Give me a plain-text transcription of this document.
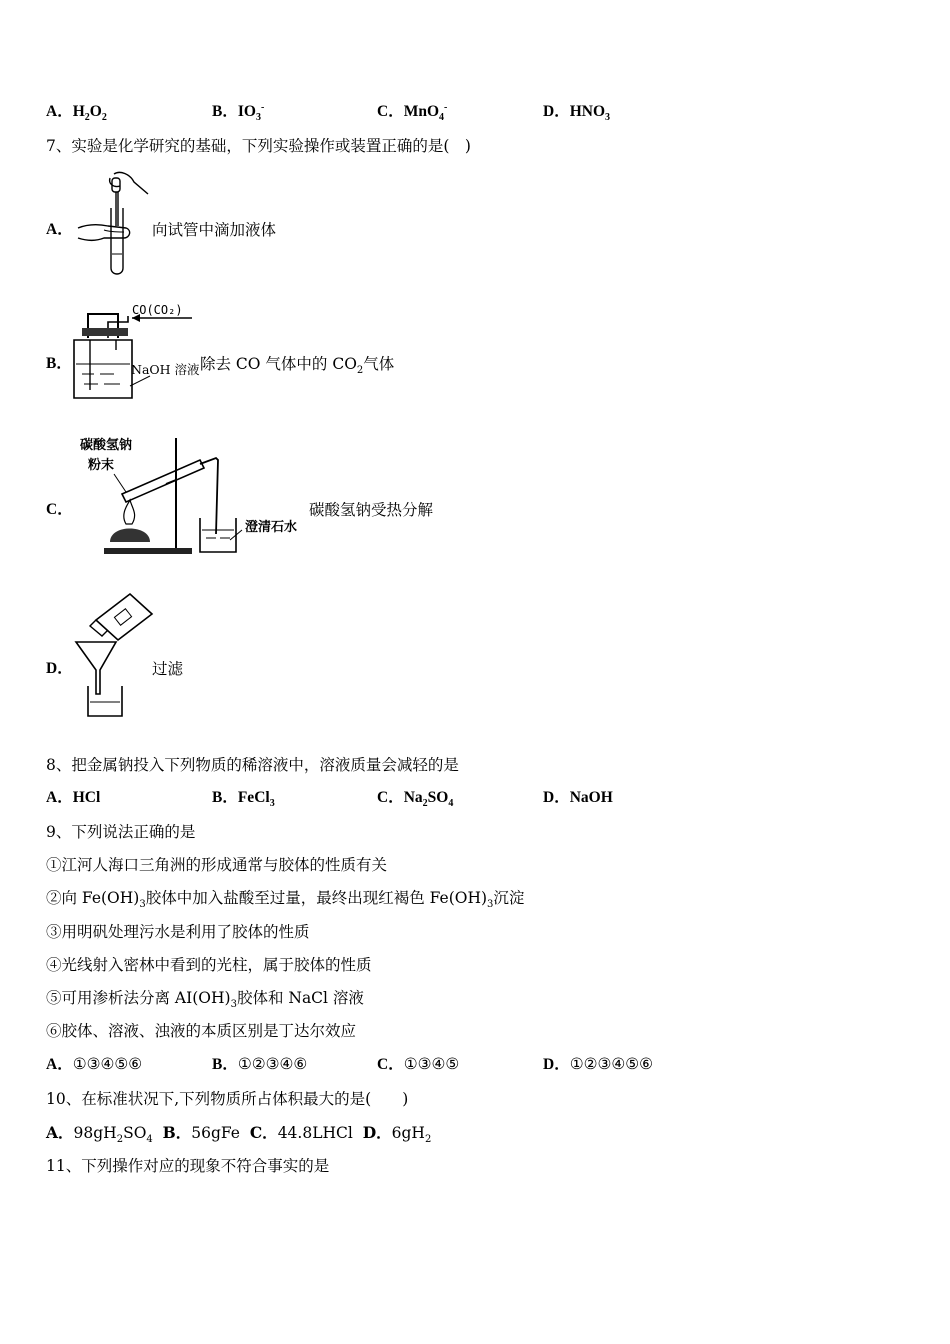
A．$H_2O_2$	B．$IO_3^-$	C．MnO$_4$-	D．$HNO_3$
7、实验是化学研究的基础，下列实验操作或装置正确的是(　)
A．	向试管中滴加液体
B．
CO(CO₂)
NaOH 溶液 除去 CO 气体中的 $CO_2$气体
C．
碳酸氢钠
粉末
澄清石水
碳酸氢钠受热分解
D．	过滤
8、把金属钠投入下列物质的稀溶液中，溶液质量会减轻的是
A．HCl	B．FeCl$_3$	C．$Na_2SO_4$	D．NaOH
9、下列说法正确的是
①江河人海口三角洲的形成通常与胶体的性质有关
②向 $Fe(OH)_3$胶体中加入盐酸至过量，最终出现红褐色 $Fe(OH)_3$沉淀
③用明矾处理污水是利用了胶体的性质
④光线射入密林中看到的光柱，属于胶体的性质
⑤可用渗析法分离 $AI(OH)_3$胶体和 NaCl 溶液
⑥胶体、溶液、浊液的本质区别是丁达尔效应
A．①③④⑤⑥	B．①②③④⑥	C．①③④⑤	D．①②③④⑤⑥
10、在标准状况下,下列物质所占体积最大的是(　　)
A．$98gH_2SO_4$ B．56gFe C．44.8LHCl D．$6gH_2$
11、下列操作对应的现象不符合事实的是
